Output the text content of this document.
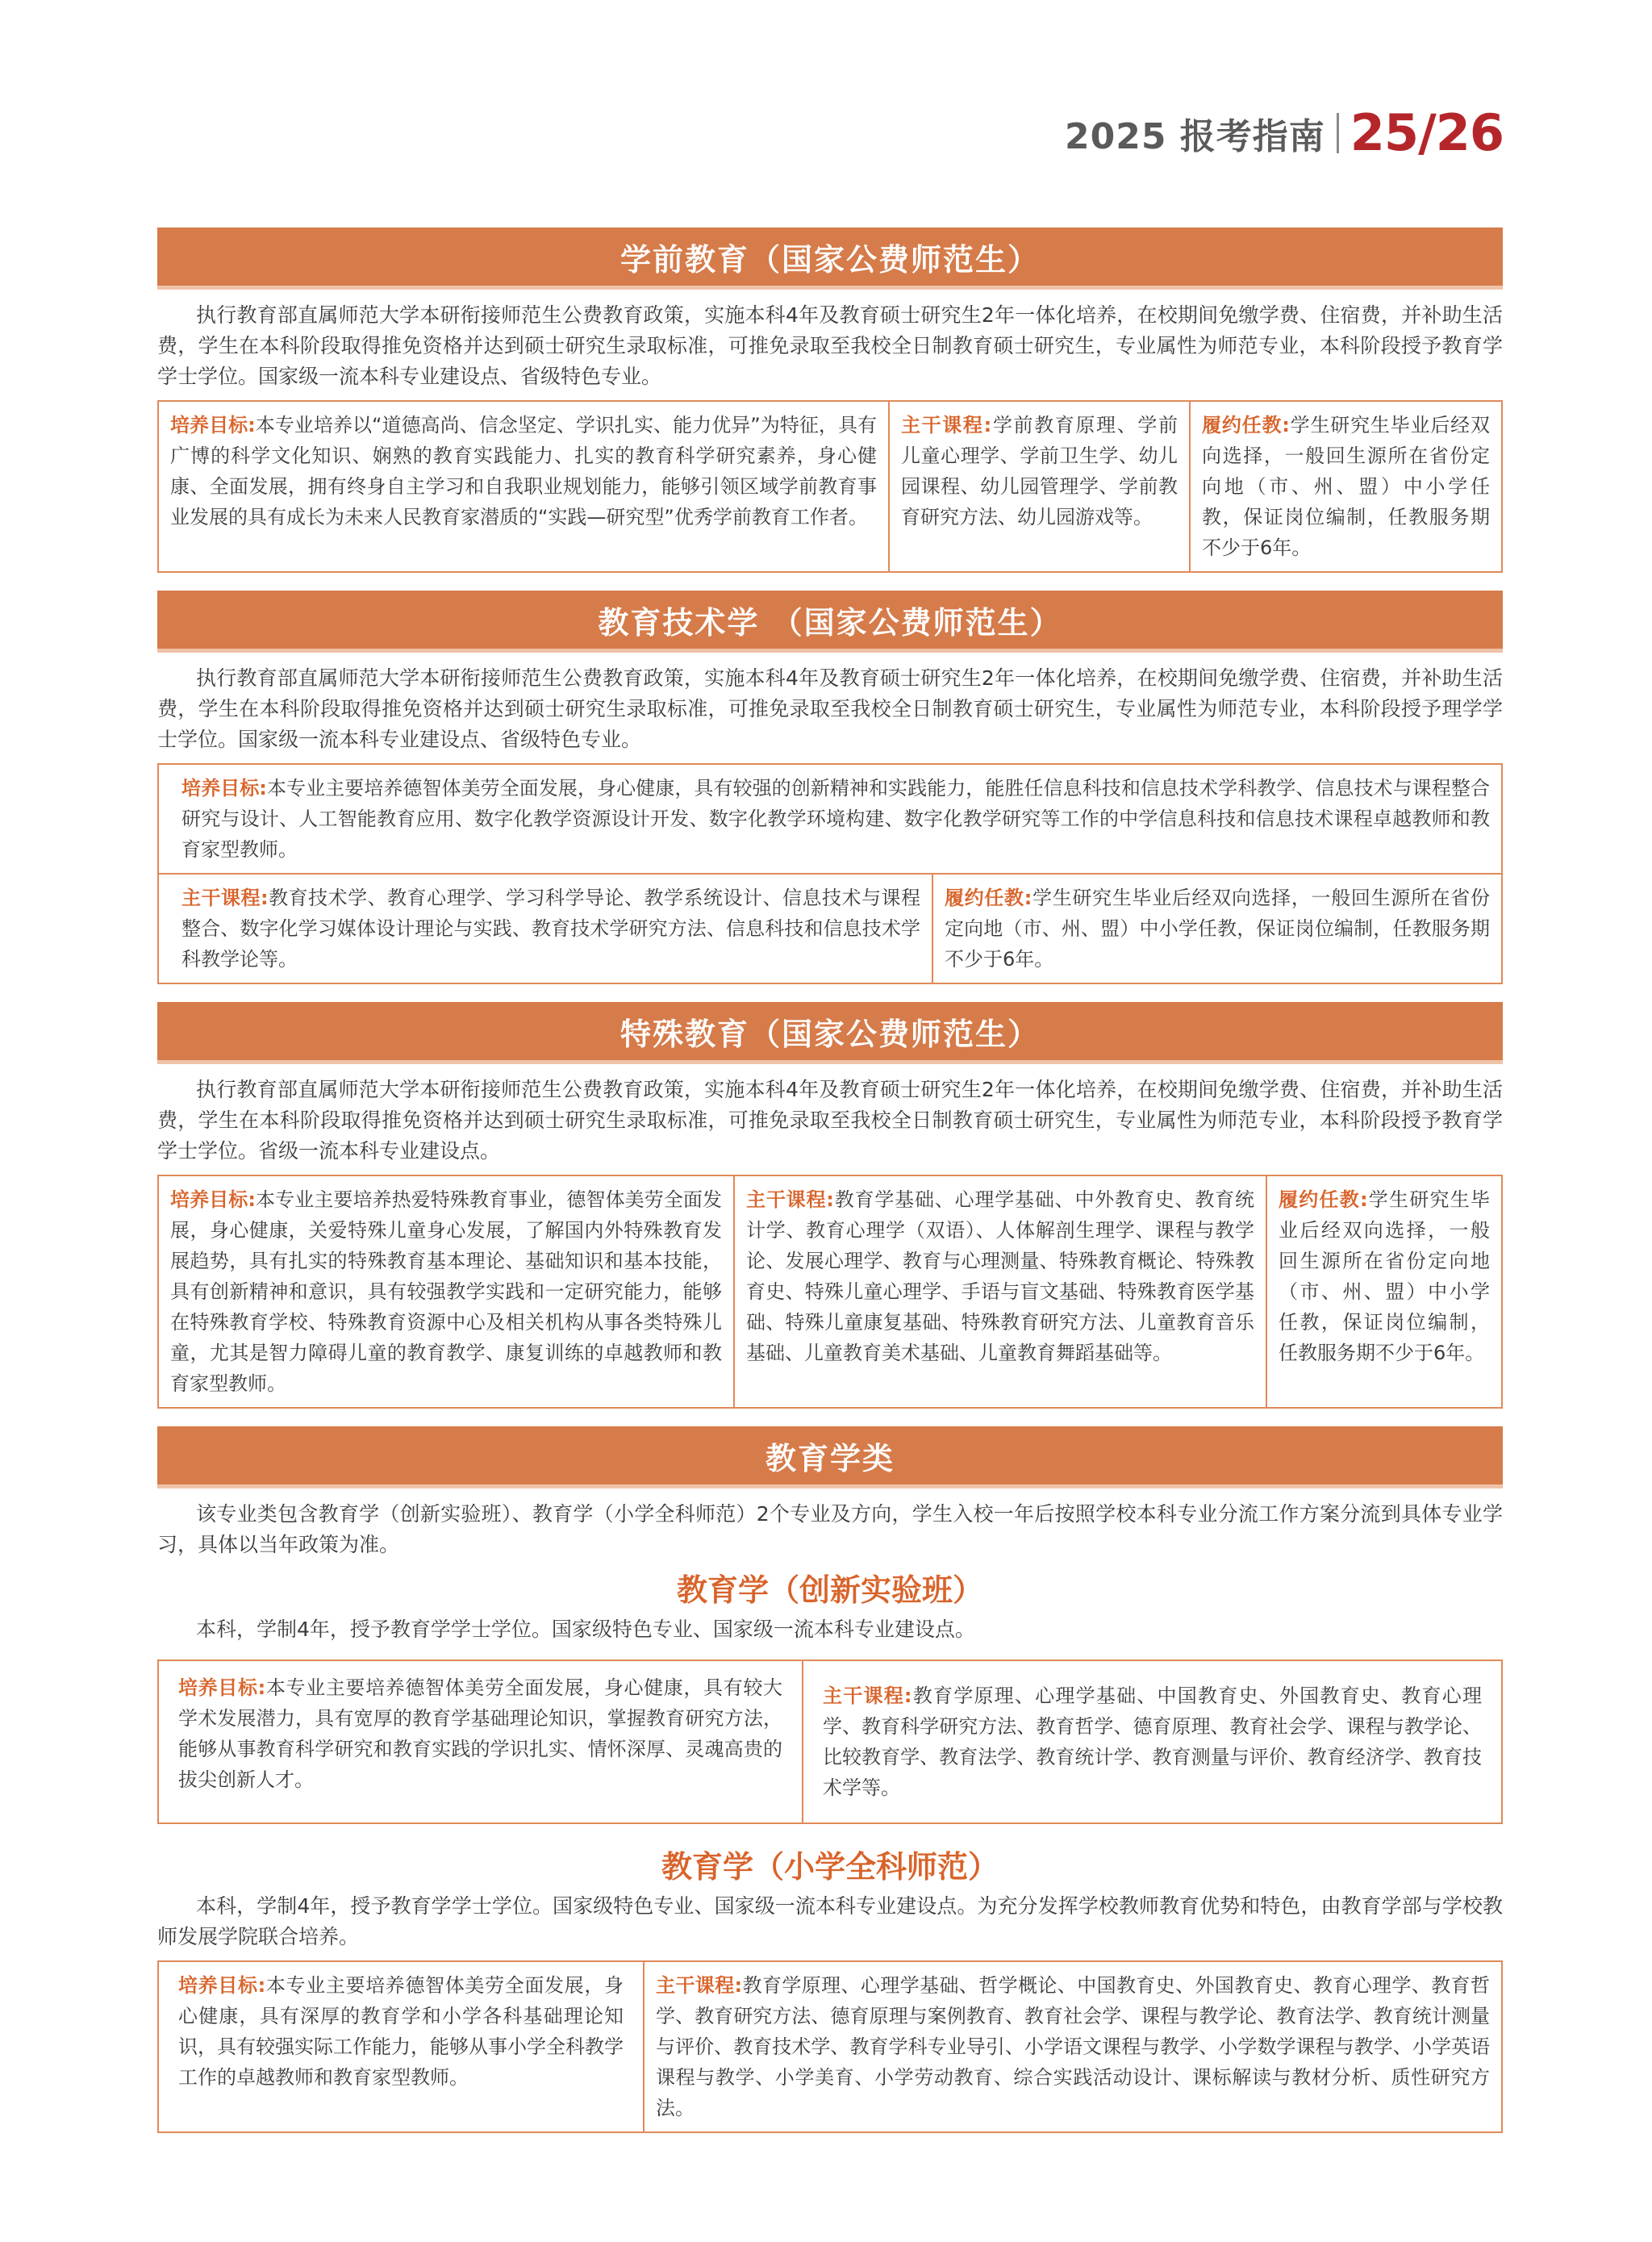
2025 报考指南 25/26
学前教育（国家公费师范生）

执行教育部直属师范大学本研衔接师范生公费教育政策，实施本科4年及教育硕士研究生2年一体化培养，在校期间免缴学费、住宿费，并补助生活费，学生在本科阶段取得推免资格并达到硕士研究生录取标准，可推免录取至我校全日制教育硕士研究生，专业属性为师范专业，本科阶段授予教育学学士学位。国家级一流本科专业建设点、省级特色专业。

培养目标:本专业培养以“道德高尚、信念坚定、学识扎实、能力优异”为特征，具有广博的科学文化知识、娴熟的教育实践能力、扎实的教育科学研究素养，身心健康、全面发展，拥有终身自主学习和自我职业规划能力，能够引领区域学前教育事业发展的具有成长为未来人民教育家潜质的“实践—研究型”优秀学前教育工作者。
主干课程:学前教育原理、学前儿童心理学、学前卫生学、幼儿园课程、幼儿园管理学、学前教育研究方法、幼儿园游戏等。
履约任教:学生研究生毕业后经双向选择，一般回生源所在省份定向地（市、州、盟）中小学任教，保证岗位编制，任教服务期不少于6年。
教育技术学 （国家公费师范生）

执行教育部直属师范大学本研衔接师范生公费教育政策，实施本科4年及教育硕士研究生2年一体化培养，在校期间免缴学费、住宿费，并补助生活费，学生在本科阶段取得推免资格并达到硕士研究生录取标准，可推免录取至我校全日制教育硕士研究生，专业属性为师范专业，本科阶段授予理学学士学位。国家级一流本科专业建设点、省级特色专业。

培养目标:本专业主要培养德智体美劳全面发展，身心健康，具有较强的创新精神和实践能力，能胜任信息科技和信息技术学科教学、信息技术与课程整合研究与设计、人工智能教育应用、数字化教学资源设计开发、数字化教学环境构建、数字化教学研究等工作的中学信息科技和信息技术课程卓越教师和教育家型教师。
主干课程:教育技术学、教育心理学、学习科学导论、教学系统设计、信息技术与课程整合、数字化学习媒体设计理论与实践、教育技术学研究方法、信息科技和信息技术学科教学论等。
履约任教:学生研究生毕业后经双向选择，一般回生源所在省份定向地（市、州、盟）中小学任教，保证岗位编制，任教服务期不少于6年。
特殊教育（国家公费师范生）

执行教育部直属师范大学本研衔接师范生公费教育政策，实施本科4年及教育硕士研究生2年一体化培养，在校期间免缴学费、住宿费，并补助生活费，学生在本科阶段取得推免资格并达到硕士研究生录取标准，可推免录取至我校全日制教育硕士研究生，专业属性为师范专业，本科阶段授予教育学学士学位。省级一流本科专业建设点。

培养目标:本专业主要培养热爱特殊教育事业，德智体美劳全面发展，身心健康，关爱特殊儿童身心发展，了解国内外特殊教育发展趋势，具有扎实的特殊教育基本理论、基础知识和基本技能，具有创新精神和意识，具有较强教学实践和一定研究能力，能够在特殊教育学校、特殊教育资源中心及相关机构从事各类特殊儿童，尤其是智力障碍儿童的教育教学、康复训练的卓越教师和教育家型教师。
主干课程:教育学基础、心理学基础、中外教育史、教育统计学、教育心理学（双语）、人体解剖生理学、课程与教学论、发展心理学、教育与心理测量、特殊教育概论、特殊教育史、特殊儿童心理学、手语与盲文基础、特殊教育医学基础、特殊儿童康复基础、特殊教育研究方法、儿童教育音乐基础、儿童教育美术基础、儿童教育舞蹈基础等。
履约任教:学生研究生毕业后经双向选择，一般回生源所在省份定向地（市、州、盟）中小学任教，保证岗位编制，任教服务期不少于6年。
教育学类

该专业类包含教育学（创新实验班）、教育学（小学全科师范）2个专业及方向，学生入校一年后按照学校本科专业分流工作方案分流到具体专业学习，具体以当年政策为准。

教育学（创新实验班）

本科，学制4年，授予教育学学士学位。国家级特色专业、国家级一流本科专业建设点。

培养目标:本专业主要培养德智体美劳全面发展，身心健康，具有较大学术发展潜力，具有宽厚的教育学基础理论知识，掌握教育研究方法，能够从事教育科学研究和教育实践的学识扎实、情怀深厚、灵魂高贵的拔尖创新人才。
主干课程:教育学原理、心理学基础、中国教育史、外国教育史、教育心理学、教育科学研究方法、教育哲学、德育原理、教育社会学、课程与教学论、比较教育学、教育法学、教育统计学、教育测量与评价、教育经济学、教育技术学等。
教育学（小学全科师范）

本科，学制4年，授予教育学学士学位。国家级特色专业、国家级一流本科专业建设点。为充分发挥学校教师教育优势和特色，由教育学部与学校教师发展学院联合培养。

培养目标:本专业主要培养德智体美劳全面发展，身心健康，具有深厚的教育学和小学各科基础理论知识，具有较强实际工作能力，能够从事小学全科教学工作的卓越教师和教育家型教师。
主干课程:教育学原理、心理学基础、哲学概论、中国教育史、外国教育史、教育心理学、教育哲学、教育研究方法、德育原理与案例教育、教育社会学、课程与教学论、教育法学、教育统计测量与评价、教育技术学、教育学科专业导引、小学语文课程与教学、小学数学课程与教学、小学英语课程与教学、小学美育、小学劳动教育、综合实践活动设计、课标解读与教材分析、质性研究方法。
